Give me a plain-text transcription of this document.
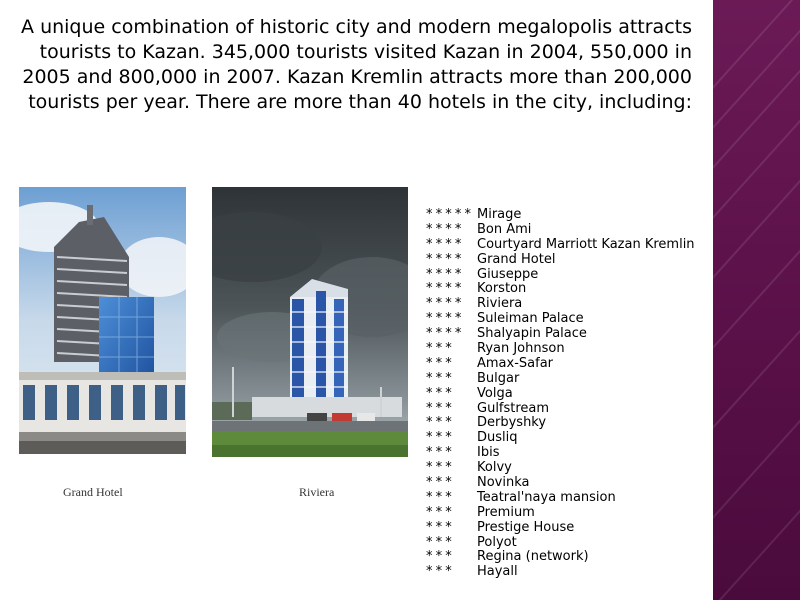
A unique combination of historic city and modern megalopolis attracts tourists to Kazan. 345,000 tourists visited Kazan in 2004, 550,000 in 2005 and 800,000 in 2007. Kazan Kremlin attracts more than 200,000 tourists per year. There are more than 40 hotels in the city, including:

Grand Hotel	Riviera
* * * * * Mirage
* * * * Bon Ami
* * * * Courtyard Marriott Kazan Kremlin
* * * * Grand Hotel
* * * * Giuseppe
* * * * Korston
* * * * Riviera
* * * * Suleiman Palace
* * * * Shalyapin Palace
* * * Ryan Johnson
* * * Amax-Safar
* * * Bulgar
* * * Volga
* * * Gulfstream
* * * Derbyshky
* * * Dusliq
* * * Ibis
* * * Kolvy
* * * Novinka
* * * Teatral'naya mansion
* * * Premium
* * * Prestige House
* * * Polyot
* * * Regina (network)
* * * Hayall
